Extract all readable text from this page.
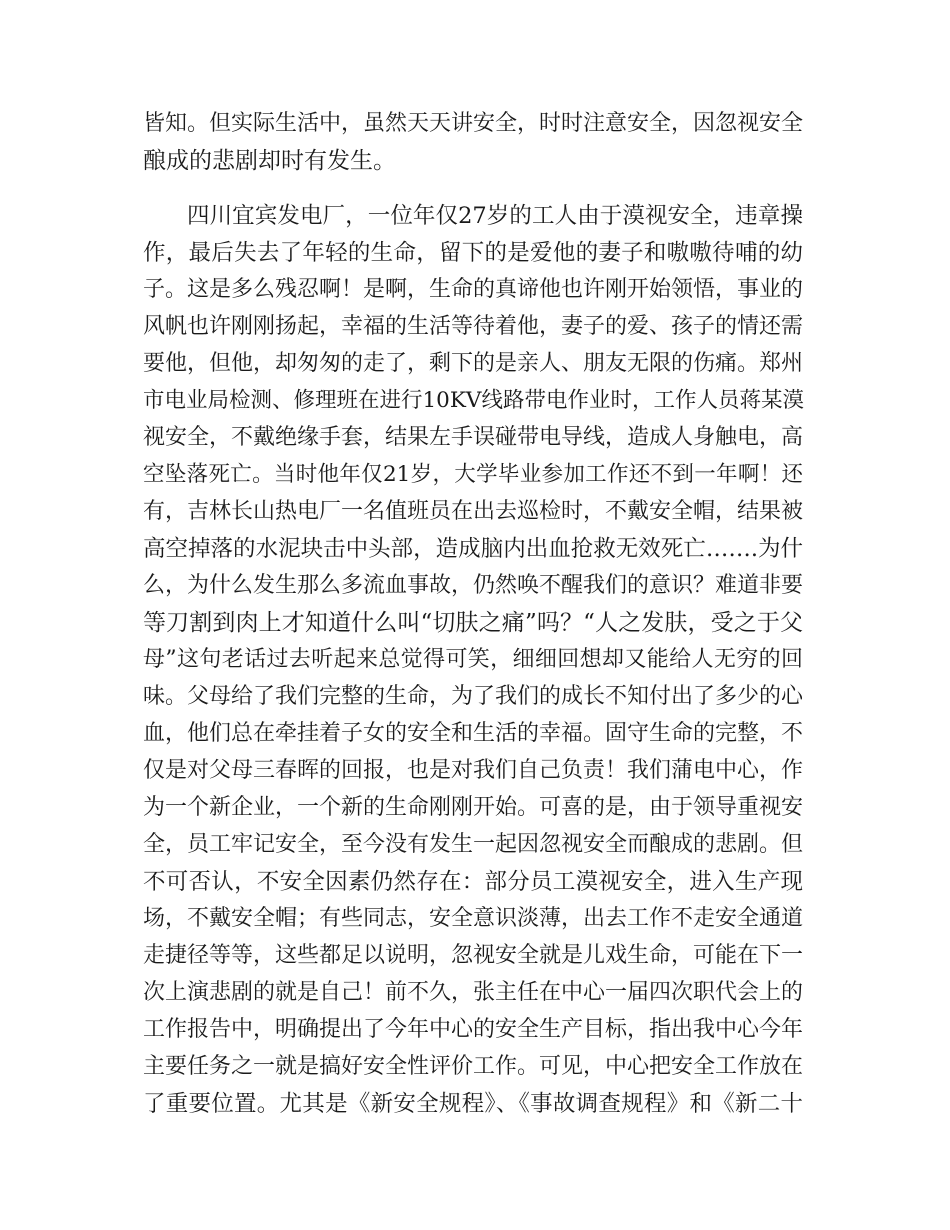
皆知。但实际生活中，虽然天天讲安全，时时注意安全，因忽视安全
酿成的悲剧却时有发生。
四川宜宾发电厂，一位年仅27岁的工人由于漠视安全，违章操
作，最后失去了年轻的生命，留下的是爱他的妻子和嗷嗷待哺的幼
子。这是多么残忍啊！是啊，生命的真谛他也许刚开始领悟，事业的
风帆也许刚刚扬起，幸福的生活等待着他，妻子的爱、孩子的情还需
要他，但他，却匆匆的走了，剩下的是亲人、朋友无限的伤痛。郑州
市电业局检测、修理班在进行10KV线路带电作业时，工作人员蒋某漠
视安全，不戴绝缘手套，结果左手误碰带电导线，造成人身触电，高
空坠落死亡。当时他年仅21岁，大学毕业参加工作还不到一年啊！还
有，吉林长山热电厂一名值班员在出去巡检时，不戴安全帽，结果被
高空掉落的水泥块击中头部，造成脑内出血抢救无效死亡…….为什
么，为什么发生那么多流血事故，仍然唤不醒我们的意识？难道非要
等刀割到肉上才知道什么叫“切肤之痛”吗？“人之发肤，受之于父
母”这句老话过去听起来总觉得可笑，细细回想却又能给人无穷的回
味。父母给了我们完整的生命，为了我们的成长不知付出了多少的心
血，他们总在牵挂着子女的安全和生活的幸福。固守生命的完整，不
仅是对父母三春晖的回报，也是对我们自己负责！我们蒲电中心，作
为一个新企业，一个新的生命刚刚开始。可喜的是，由于领导重视安
全，员工牢记安全，至今没有发生一起因忽视安全而酿成的悲剧。但
不可否认，不安全因素仍然存在：部分员工漠视安全，进入生产现
场，不戴安全帽；有些同志，安全意识淡薄，出去工作不走安全通道
走捷径等等，这些都足以说明，忽视安全就是儿戏生命，可能在下一
次上演悲剧的就是自己！前不久，张主任在中心一届四次职代会上的
工作报告中，明确提出了今年中心的安全生产目标，指出我中心今年
主要任务之一就是搞好安全性评价工作。可见，中心把安全工作放在
了重要位置。尤其是《新安全规程》、《事故调查规程》和《新二十
